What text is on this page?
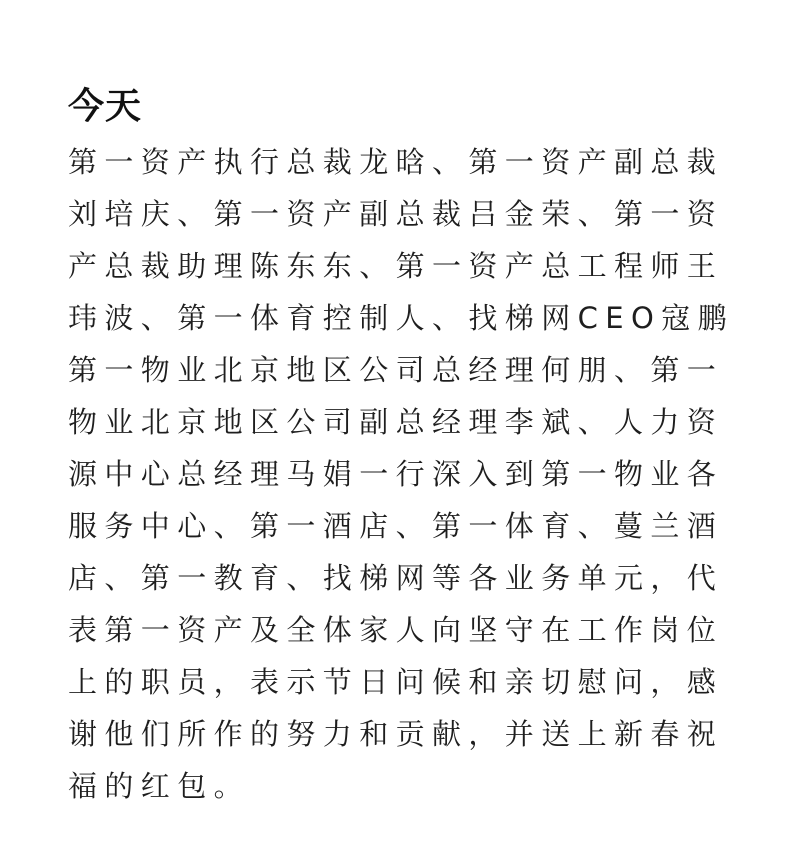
今天
第一资产执行总裁龙晗、第一资产副总裁
刘培庆、第一资产副总裁吕金荣、第一资
产总裁助理陈东东、第一资产总工程师王
玮波、第一体育控制人、找梯网CEO寇鹏
第一物业北京地区公司总经理何朋、第一
物业北京地区公司副总经理李斌、人力资
源中心总经理马娟一行深入到第一物业各
服务中心、第一酒店、第一体育、蔓兰酒
店、第一教育、找梯网等各业务单元，代
表第一资产及全体家人向坚守在工作岗位
上的职员，表示节日问候和亲切慰问，感
谢他们所作的努力和贡献，并送上新春祝
福的红包。
